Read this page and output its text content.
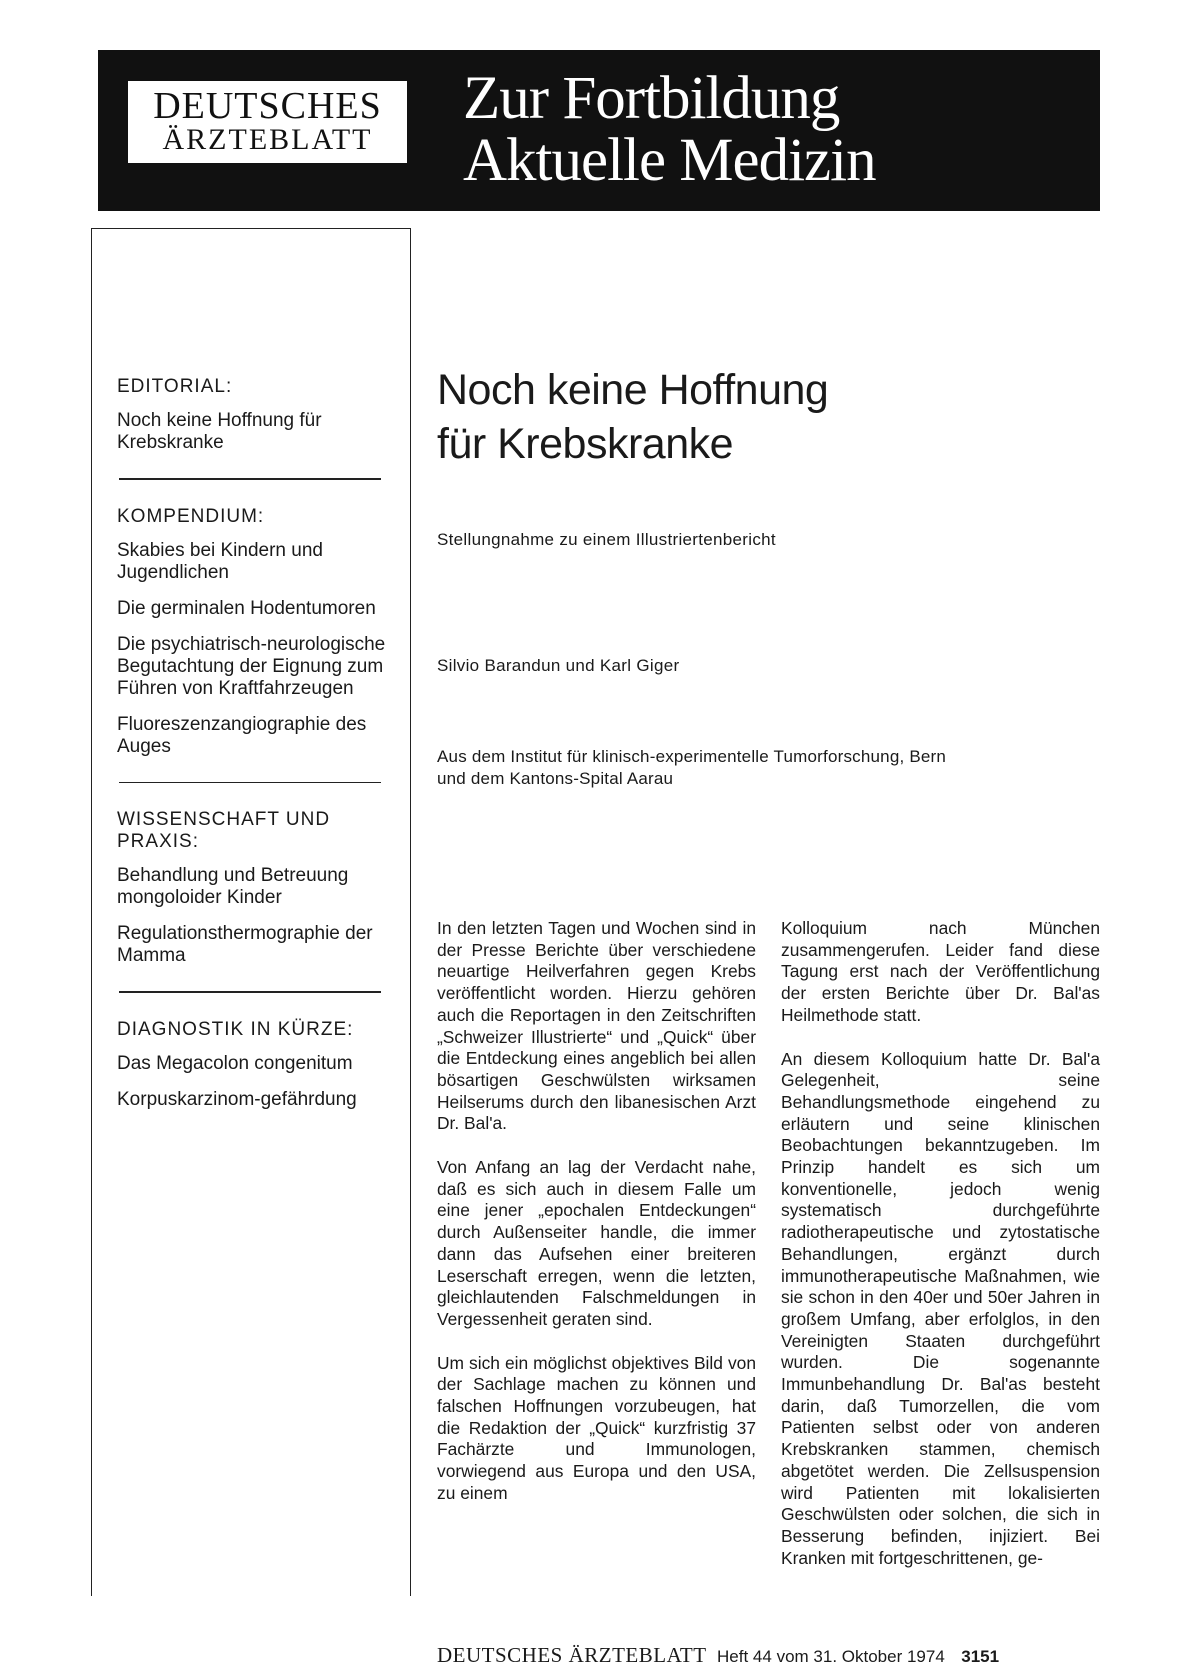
DEUTSCHES
ÄRZTEBLATT
Zur Fortbildung
Aktuelle Medizin
EDITORIAL:
Noch keine Hoffnung für Krebskranke
KOMPENDIUM:
Skabies bei Kindern und Jugendlichen
Die germinalen Hodentumoren
Die psychiatrisch-neurologische Begutachtung der Eignung zum Führen von Kraftfahrzeugen
Fluoreszenzangiographie des Auges
WISSENSCHAFT UND PRAXIS:
Behandlung und Betreuung mongoloider Kinder
Regulationsthermographie der Mamma
DIAGNOSTIK IN KÜRZE:
Das Megacolon congenitum
Korpuskarzinom-gefährdung
Noch keine Hoffnung
für Krebskranke
Stellungnahme zu einem Illustriertenbericht
Silvio Barandun und Karl Giger
Aus dem Institut für klinisch-experimentelle Tumorforschung, Bern
und dem Kantons-Spital Aarau

In den letzten Tagen und Wochen sind in der Presse Berichte über verschiedene neuartige Heilverfahren gegen Krebs veröffentlicht worden. Hierzu gehören auch die Reportagen in den Zeitschriften „Schweizer Illustrierte“ und „Quick“ über die Entdeckung eines angeblich bei allen bösartigen Geschwülsten wirksamen Heilserums durch den libanesischen Arzt Dr. Bal'a.

Von Anfang an lag der Verdacht nahe, daß es sich auch in diesem Falle um eine jener „epochalen Entdeckungen“ durch Außenseiter handle, die immer dann das Aufsehen einer breiteren Leserschaft erregen, wenn die letzten, gleichlautenden Falschmeldungen in Vergessenheit geraten sind.

Um sich ein möglichst objektives Bild von der Sachlage machen zu können und falschen Hoffnungen vorzubeugen, hat die Redaktion der „Quick“ kurzfristig 37 Fachärzte und Immunologen, vorwiegend aus Europa und den USA, zu einem

Kolloquium nach München zusammengerufen. Leider fand diese Tagung erst nach der Veröffentlichung der ersten Berichte über Dr. Bal'as Heilmethode statt.

An diesem Kolloquium hatte Dr. Bal'a Gelegenheit, seine Behandlungsmethode eingehend zu erläutern und seine klinischen Beobachtungen bekanntzugeben. Im Prinzip handelt es sich um konventionelle, jedoch wenig systematisch durchgeführte radiotherapeutische und zytostatische Behandlungen, ergänzt durch immunotherapeutische Maßnahmen, wie sie schon in den 40er und 50er Jahren in großem Umfang, aber erfolglos, in den Vereinigten Staaten durchgeführt wurden. Die sogenannte Immunbehandlung Dr. Bal'as besteht darin, daß Tumorzellen, die vom Patienten selbst oder von anderen Krebskranken stammen, chemisch abgetötet werden. Die Zellsuspension wird Patienten mit lokalisierten Geschwülsten oder solchen, die sich in Besserung befinden, injiziert. Bei Kranken mit fortgeschrittenen, ge-

DEUTSCHES ÄRZTEBLATT Heft 44 vom 31. Oktober 1974 3151
